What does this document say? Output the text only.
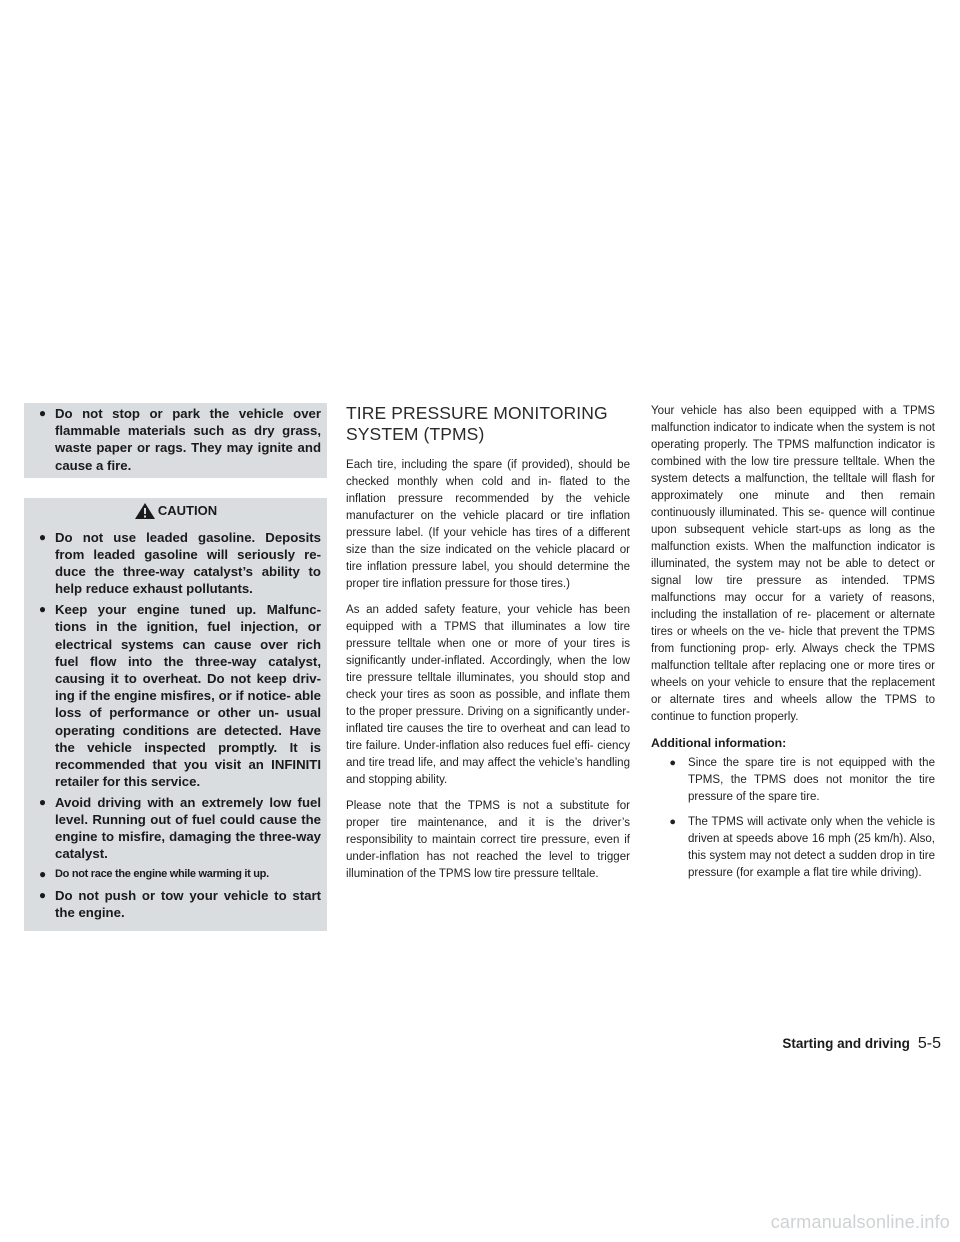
● Do not stop or park the vehicle over flammable materials such as dry grass, waste paper or rags. They may ignite and cause a fire.
CAUTION
● Do not use leaded gasoline. Deposits from leaded gasoline will seriously re- duce the three-way catalyst’s ability to help reduce exhaust pollutants.
● Keep your engine tuned up. Malfunc- tions in the ignition, fuel injection, or electrical systems can cause over rich fuel flow into the three-way catalyst, causing it to overheat. Do not keep driv- ing if the engine misfires, or if notice- able loss of performance or other un- usual operating conditions are detected. Have the vehicle inspected promptly. It is recommended that you visit an INFINITI retailer for this service.
● Avoid driving with an extremely low fuel level. Running out of fuel could cause the engine to misfire, damaging the three-way catalyst.
● Do not race the engine while warming it up.
● Do not push or tow your vehicle to start the engine.
TIRE PRESSURE MONITORING
SYSTEM (TPMS)

Each tire, including the spare (if provided), should be checked monthly when cold and in- flated to the inflation pressure recommended by the vehicle manufacturer on the vehicle placard or tire inflation pressure label. (If your vehicle has tires of a different size than the size indicated on the vehicle placard or tire inflation pressure label, you should determine the proper tire inflation pressure for those tires.)

As an added safety feature, your vehicle has been equipped with a TPMS that illuminates a low tire pressure telltale when one or more of your tires is significantly under-inflated. Accordingly, when the low tire pressure telltale illuminates, you should stop and check your tires as soon as possible, and inflate them to the proper pressure. Driving on a significantly under-inflated tire causes the tire to overheat and can lead to tire failure. Under-inflation also reduces fuel effi- ciency and tire tread life, and may affect the vehicle’s handling and stopping ability.

Please note that the TPMS is not a substitute for proper tire maintenance, and it is the driver’s responsibility to maintain correct tire pressure, even if under-inflation has not reached the level to trigger illumination of the TPMS low tire pressure telltale.

Your vehicle has also been equipped with a TPMS malfunction indicator to indicate when the system is not operating properly. The TPMS malfunction indicator is combined with the low tire pressure telltale. When the system detects a malfunction, the telltale will flash for approximately one minute and then remain continuously illuminated. This se- quence will continue upon subsequent vehicle start-ups as long as the malfunction exists. When the malfunction indicator is illuminated, the system may not be able to detect or signal low tire pressure as intended. TPMS malfunctions may occur for a variety of reasons, including the installation of re- placement or alternate tires or wheels on the ve- hicle that prevent the TPMS from functioning prop- erly. Always check the TPMS malfunction telltale after replacing one or more tires or wheels on your vehicle to ensure that the replacement or alternate tires and wheels allow the TPMS to continue to function properly.

Additional information:
●	Since the spare tire is not equipped with the TPMS, the TPMS does not monitor the tire pressure of the spare tire.
●	The TPMS will activate only when the vehicle is driven at speeds above 16 mph (25 km/h). Also, this system may not detect a sudden drop in tire pressure (for example a flat tire while driving).
Starting and driving 5-5
carmanualsonline.info
